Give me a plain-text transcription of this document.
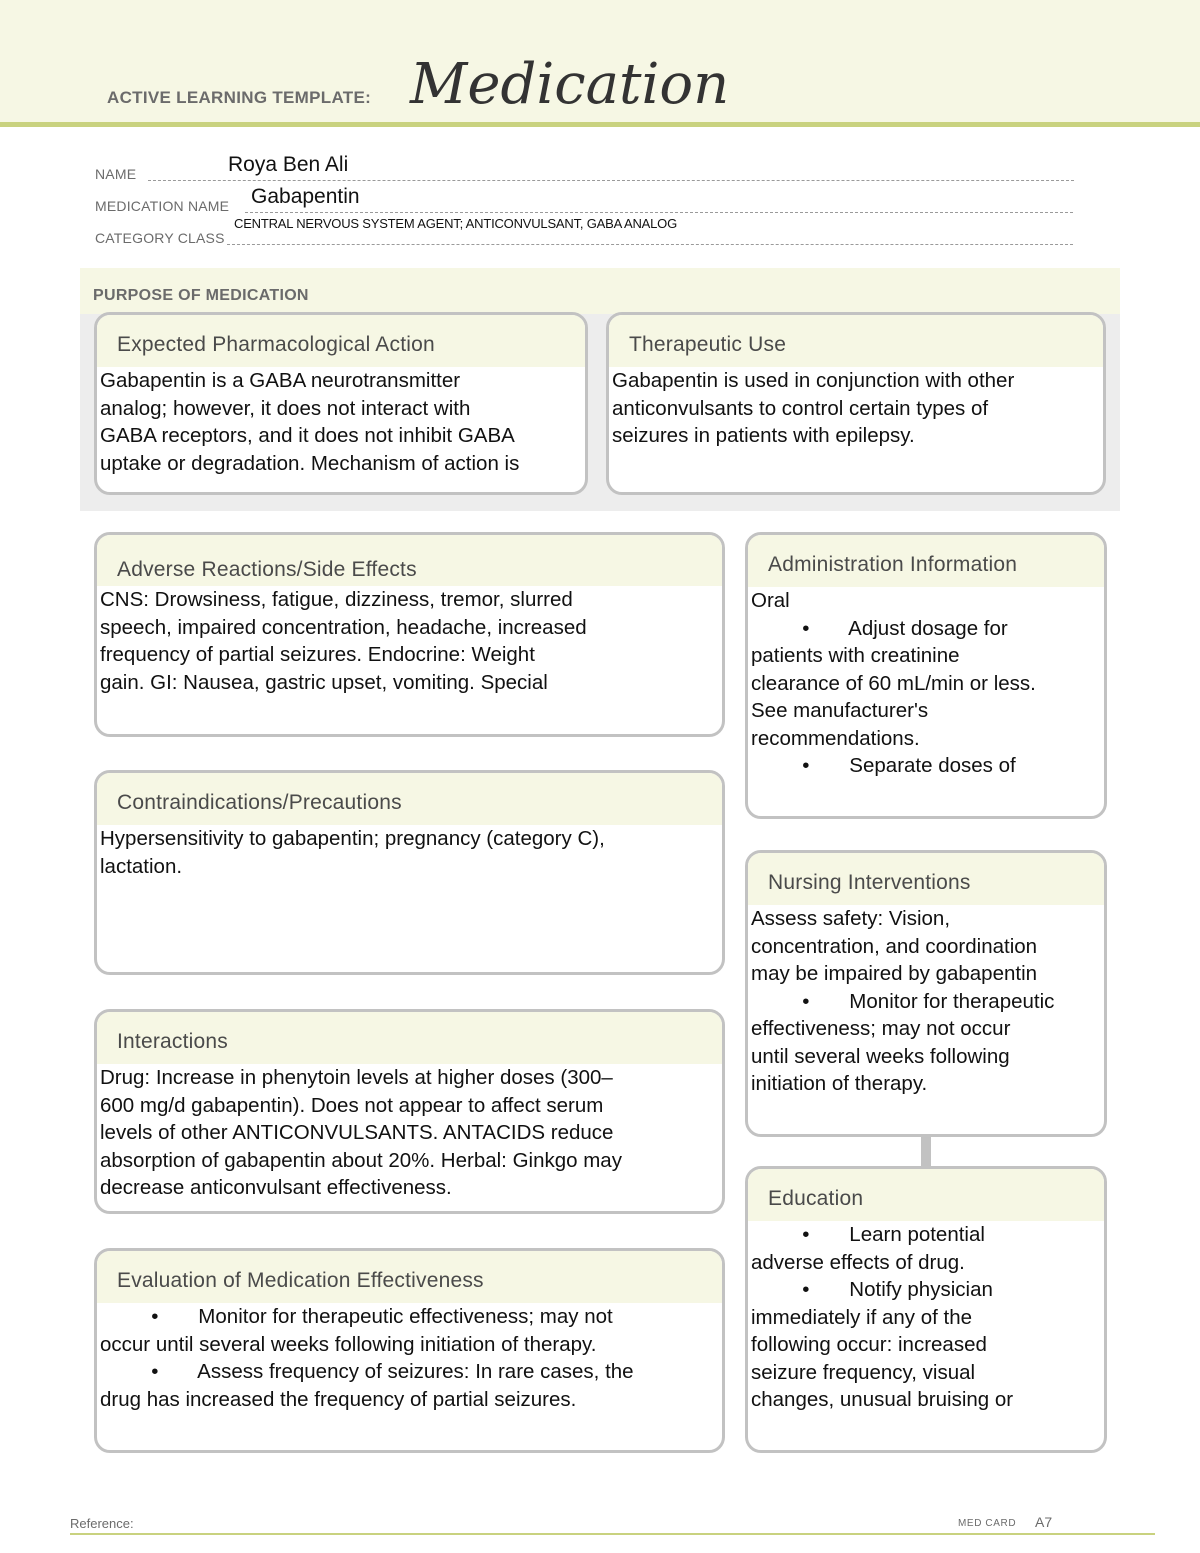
ACTIVE LEARNING TEMPLATE: Medication
NAME	Roya Ben Ali
MEDICATION NAME Gabapentin
CATEGORY CLASS
CENTRAL NERVOUS SYSTEM AGENT; ANTICONVULSANT, GABA ANALOG
PURPOSE OF MEDICATION
Expected Pharmacological Action
Gabapentin is a GABA neurotransmitter
analog; however, it does not interact with
GABA receptors, and it does not inhibit GABA
uptake or degradation. Mechanism of action is
Therapeutic Use
Gabapentin is used in conjunction with other
anticonvulsants to control certain types of
seizures in patients with epilepsy.
Adverse Reactions/Side Effects
CNS: Drowsiness, fatigue, dizziness, tremor, slurred
speech, impaired concentration, headache, increased
frequency of partial seizures. Endocrine: Weight
gain. GI: Nausea, gastric upset, vomiting. Special
Contraindications/Precautions
Hypersensitivity to gabapentin; pregnancy (category C),
lactation.
Interactions
Drug: Increase in phenytoin levels at higher doses (300–
600 mg/d gabapentin). Does not appear to affect serum
levels of other ANTICONVULSANTS. ANTACIDS reduce
absorption of gabapentin about 20%. Herbal: Ginkgo may
decrease anticonvulsant effectiveness.
Evaluation of Medication Effectiveness
•       Monitor for therapeutic effectiveness; may not
occur until several weeks following initiation of therapy.
•       Assess frequency of seizures: In rare cases, the
drug has increased the frequency of partial seizures.
Administration Information
Oral
•       Adjust dosage for
patients with creatinine
clearance of 60 mL/min or less.
See manufacturer's
recommendations.
•       Separate doses of
Nursing Interventions
Assess safety: Vision,
concentration, and coordination
may be impaired by gabapentin
•       Monitor for therapeutic
effectiveness; may not occur
until several weeks following
initiation of therapy.
Education
•       Learn potential
adverse effects of drug.
•       Notify physician
immediately if any of the
following occur: increased
seizure frequency, visual
changes, unusual bruising or
Reference:	MED CARD A7
